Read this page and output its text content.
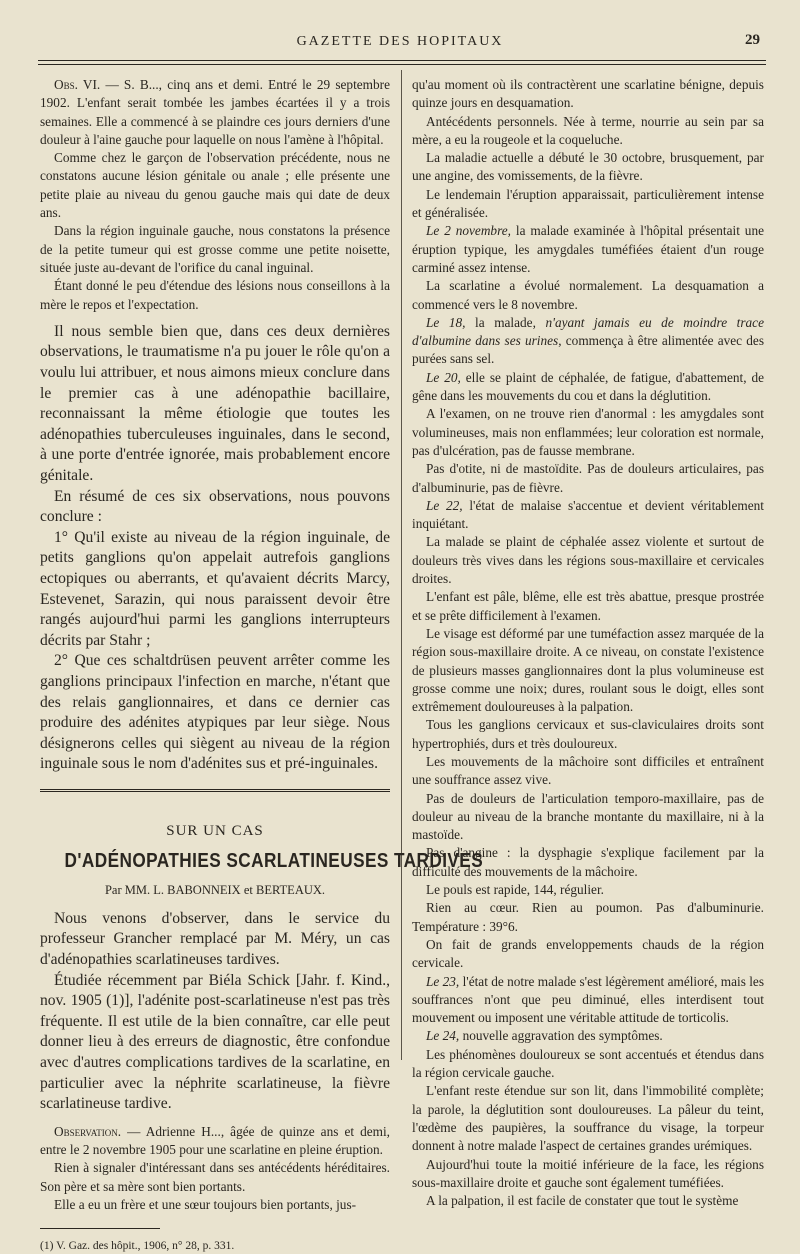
GAZETTE DES HOPITAUX	29

Obs. VI. — S. B..., cinq ans et demi. Entré le 29 septembre 1902. L'enfant serait tombée les jambes écartées il y a trois semaines. Elle a commencé à se plaindre ces jours derniers d'une douleur à l'aine gauche pour laquelle on nous l'amène à l'hôpital.

Comme chez le garçon de l'observation précédente, nous ne constatons aucune lésion génitale ou anale ; elle présente une petite plaie au niveau du genou gauche mais qui date de deux ans.

Dans la région inguinale gauche, nous constatons la présence de la petite tumeur qui est grosse comme une petite noisette, située juste au-devant de l'orifice du canal inguinal.

Étant donné le peu d'étendue des lésions nous conseillons à la mère le repos et l'expectation.

Il nous semble bien que, dans ces deux dernières observations, le traumatisme n'a pu jouer le rôle qu'on a voulu lui attribuer, et nous aimons mieux conclure dans le premier cas à une adénopathie bacillaire, reconnaissant la même étiologie que toutes les adénopathies tuberculeuses inguinales, dans le second, à une porte d'entrée ignorée, mais probablement encore génitale.

En résumé de ces six observations, nous pouvons conclure :

1° Qu'il existe au niveau de la région inguinale, de petits ganglions qu'on appelait autrefois ganglions ectopiques ou aberrants, et qu'avaient décrits Marcy, Estevenet, Sarazin, qui nous paraissent devoir être rangés aujourd'hui parmi les ganglions interrupteurs décrits par Stahr ;

2° Que ces schaltdrüsen peuvent arrêter comme les ganglions principaux l'infection en marche, n'étant que des relais ganglionnaires, et dans ce dernier cas produire des adénites atypiques par leur siège. Nous désignerons celles qui siègent au niveau de la région inguinale sous le nom d'adénites sus et pré-inguinales.

SUR UN CAS
D'ADÉNOPATHIES SCARLATINEUSES TARDIVES
Par MM. L. BABONNEIX et BERTEAUX.

Nous venons d'observer, dans le service du professeur Grancher remplacé par M. Méry, un cas d'adénopathies scarlatineuses tardives.

Étudiée récemment par Biéla Schick [Jahr. f. Kind., nov. 1905 (1)], l'adénite post-scarlatineuse n'est pas très fréquente. Il est utile de la bien connaître, car elle peut donner lieu à des erreurs de diagnostic, être confondue avec d'autres complications tardives de la scarlatine, en particulier avec la néphrite scarlatineuse, la fièvre scarlatineuse tardive.

Observation. — Adrienne H..., âgée de quinze ans et demi, entre le 2 novembre 1905 pour une scarlatine en pleine éruption.

Rien à signaler d'intéressant dans ses antécédents héréditaires. Son père et sa mère sont bien portants.

Elle a eu un frère et une sœur toujours bien portants, jus-

(1) V. Gaz. des hôpit., 1906, n° 28, p. 331.

qu'au moment où ils contractèrent une scarlatine bénigne, depuis quinze jours en desquamation.

Antécédents personnels. Née à terme, nourrie au sein par sa mère, a eu la rougeole et la coqueluche.

La maladie actuelle a débuté le 30 octobre, brusquement, par une angine, des vomissements, de la fièvre.

Le lendemain l'éruption apparaissait, particulièrement intense et généralisée.

Le 2 novembre, la malade examinée à l'hôpital présentait une éruption typique, les amygdales tuméfiées étaient d'un rouge carminé assez intense.

La scarlatine a évolué normalement. La desquamation a commencé vers le 8 novembre.

Le 18, la malade, n'ayant jamais eu de moindre trace d'albumine dans ses urines, commença à être alimentée avec des purées sans sel.

Le 20, elle se plaint de céphalée, de fatigue, d'abattement, de gêne dans les mouvements du cou et dans la déglutition.

A l'examen, on ne trouve rien d'anormal : les amygdales sont volumineuses, mais non enflammées; leur coloration est normale, pas d'ulcération, pas de fausse membrane.

Pas d'otite, ni de mastoïdite. Pas de douleurs articulaires, pas d'albuminurie, pas de fièvre.

Le 22, l'état de malaise s'accentue et devient véritablement inquiétant.

La malade se plaint de céphalée assez violente et surtout de douleurs très vives dans les régions sous-maxillaire et cervicales droites.

L'enfant est pâle, blême, elle est très abattue, presque prostrée et se prête difficilement à l'examen.

Le visage est déformé par une tuméfaction assez marquée de la région sous-maxillaire droite. A ce niveau, on constate l'existence de plusieurs masses ganglionnaires dont la plus volumineuse est grosse comme une noix; dures, roulant sous le doigt, elles sont extrêmement douloureuses à la palpation.

Tous les ganglions cervicaux et sus-claviculaires droits sont hypertrophiés, durs et très douloureux.

Les mouvements de la mâchoire sont difficiles et entraînent une souffrance assez vive.

Pas de douleurs de l'articulation temporo-maxillaire, pas de douleur au niveau de la branche montante du maxillaire, ni à la mastoïde.

Pas d'angine : la dysphagie s'explique facilement par la difficulté des mouvements de la mâchoire.

Le pouls est rapide, 144, régulier.

Rien au cœur. Rien au poumon. Pas d'albuminurie. Température : 39°6.

On fait de grands enveloppements chauds de la région cervicale.

Le 23, l'état de notre malade s'est légèrement amélioré, mais les souffrances n'ont que peu diminué, elles interdisent tout mouvement ou imposent une véritable attitude de torticolis.

Le 24, nouvelle aggravation des symptômes.

Les phénomènes douloureux se sont accentués et étendus dans la région cervicale gauche.

L'enfant reste étendue sur son lit, dans l'immobilité complète; la parole, la déglutition sont douloureuses. La pâleur du teint, l'œdème des paupières, la souffrance du visage, la torpeur donnent à notre malade l'aspect de certaines grandes urémiques.

Aujourd'hui toute la moitié inférieure de la face, les régions sous-maxillaire droite et gauche sont également tuméfiées.

A la palpation, il est facile de constater que tout le système
